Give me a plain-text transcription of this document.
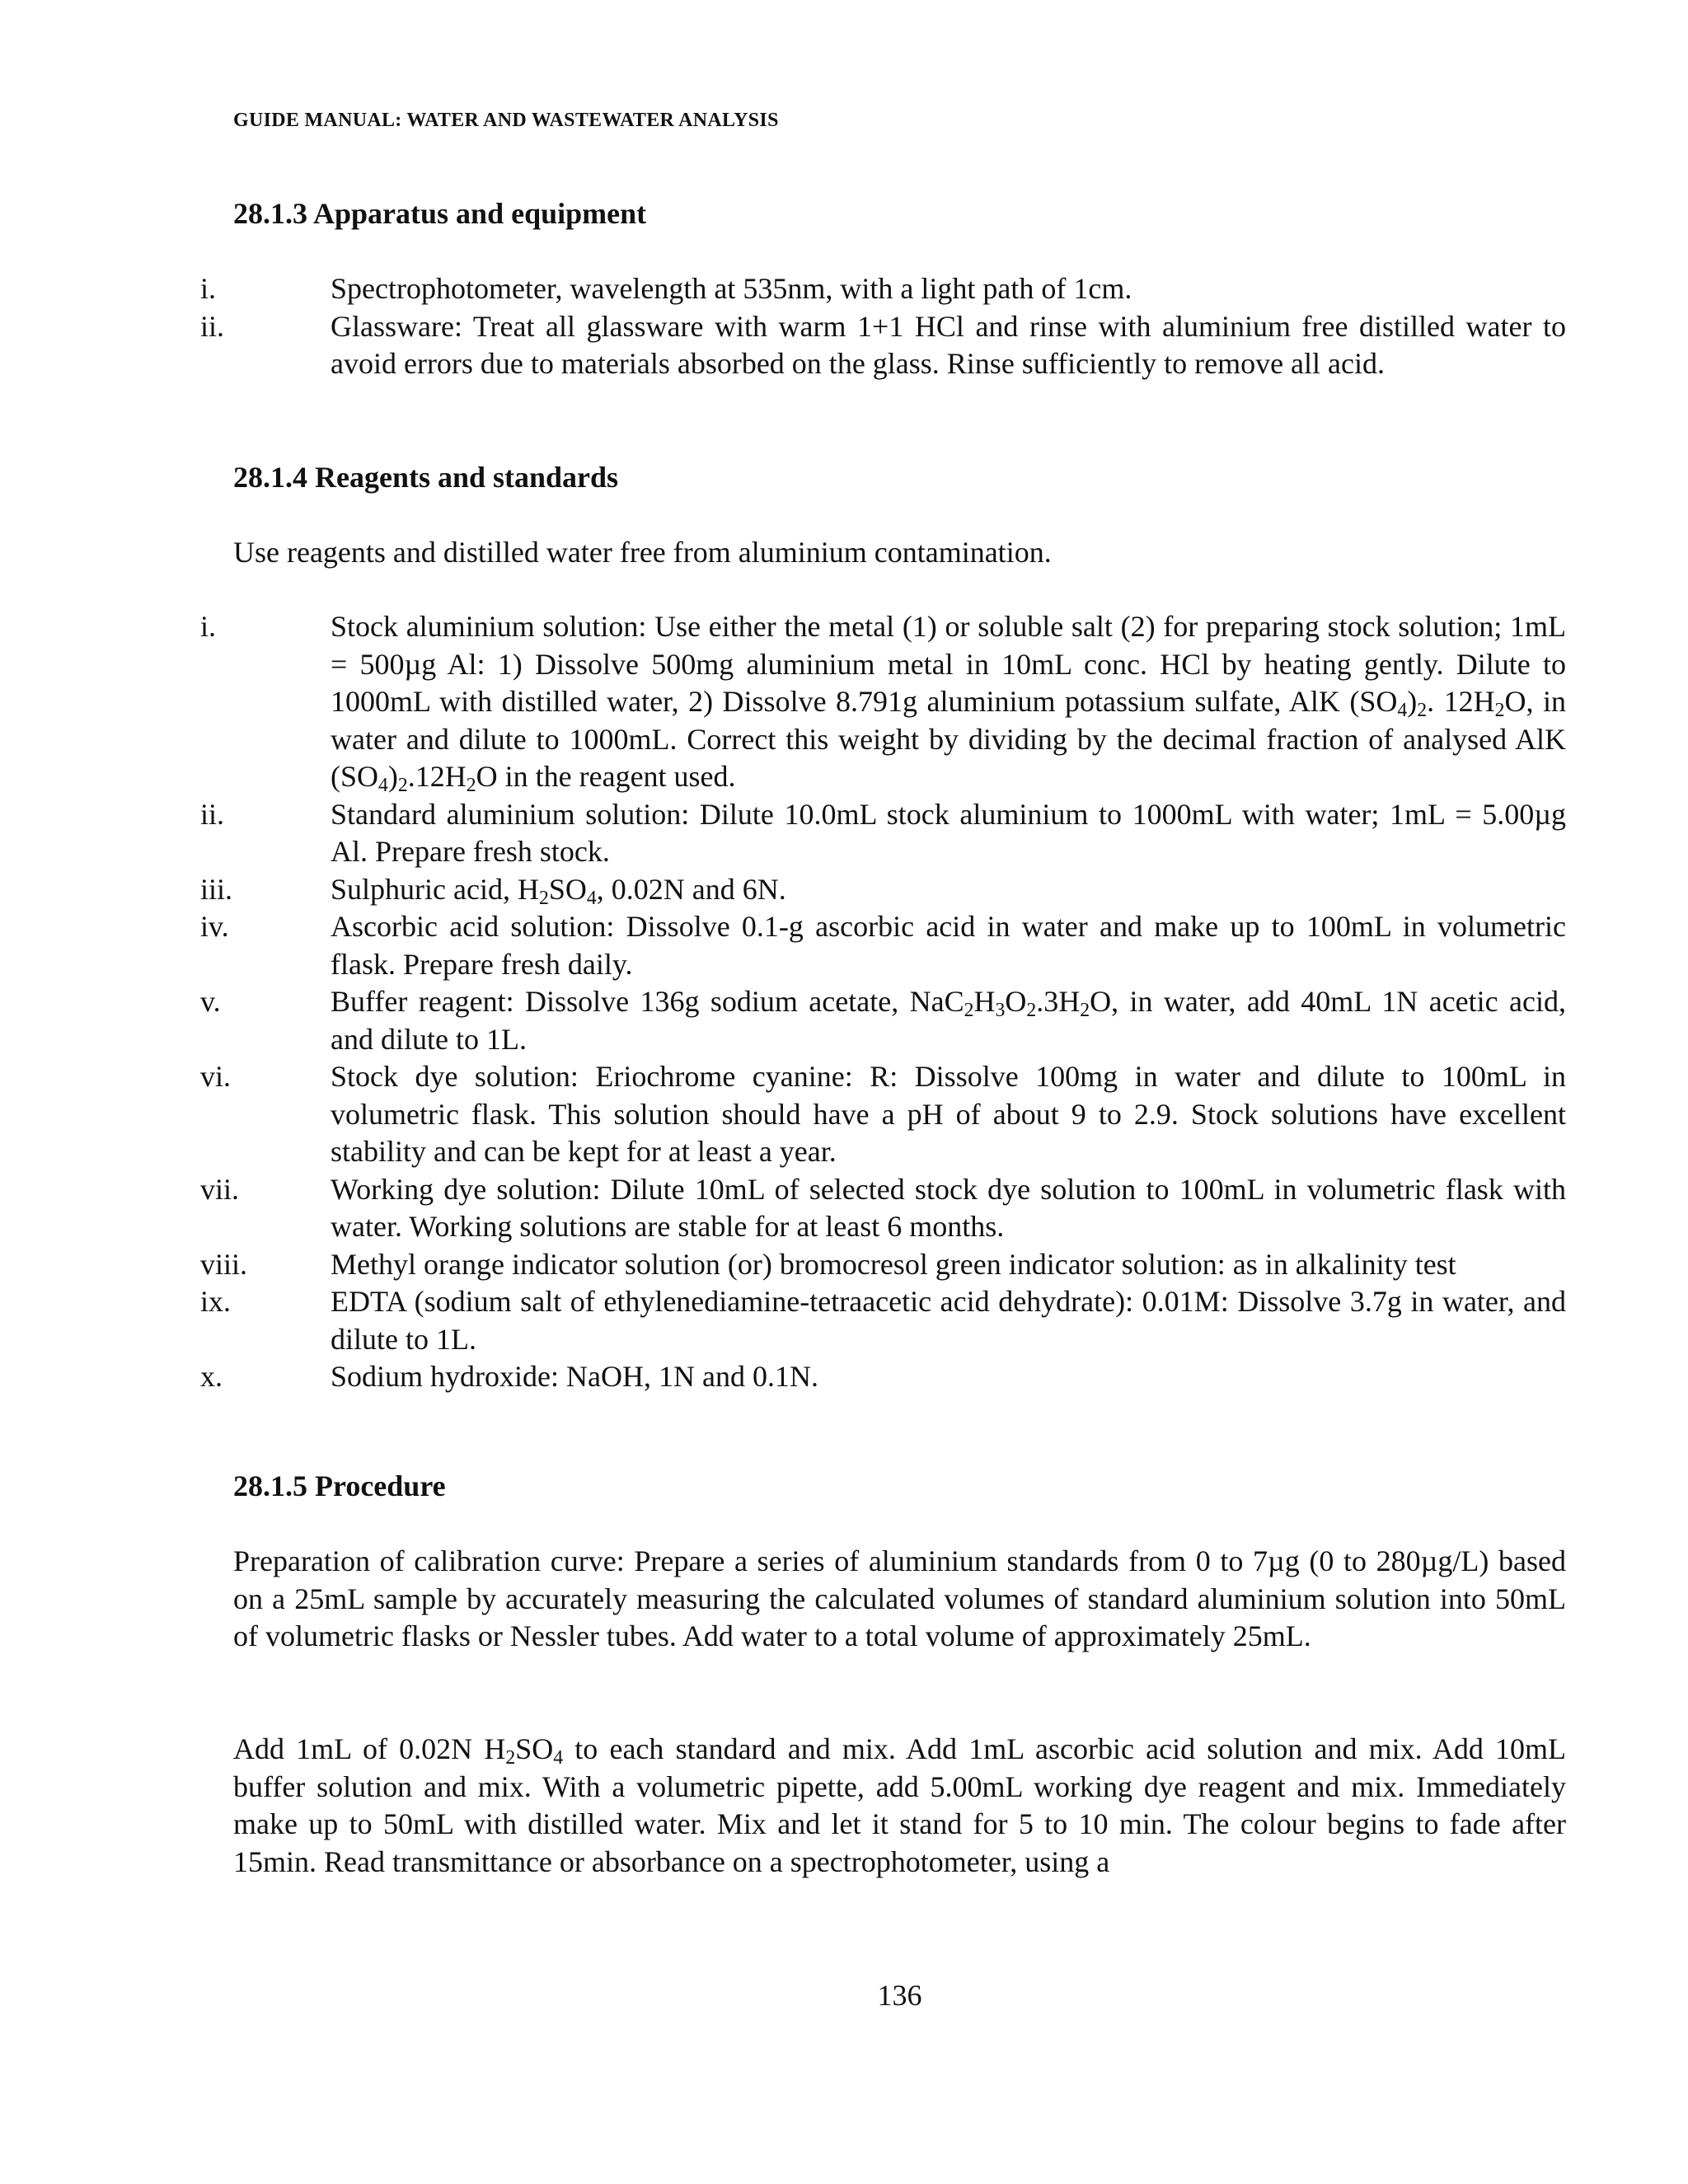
GUIDE MANUAL: WATER AND WASTEWATER ANALYSIS
28.1.3 Apparatus and equipment
i.	Spectrophotometer, wavelength at 535nm, with a light path of 1cm.
ii.	Glassware: Treat all glassware with warm 1+1 HCl and rinse with aluminium free distilled water to avoid errors due to materials absorbed on the glass. Rinse sufficiently to remove all acid.
28.1.4 Reagents and standards
Use reagents and distilled water free from aluminium contamination.
i.	Stock aluminium solution: Use either the metal (1) or soluble salt (2) for preparing stock solution; 1mL = 500µg Al: 1) Dissolve 500mg aluminium metal in 10mL conc. HCl by heating gently. Dilute to 1000mL with distilled water, 2) Dissolve 8.791g aluminium potassium sulfate, AlK $(SO_4)_2$. $12H_2O$, in water and dilute to 1000mL. Correct this weight by dividing by the decimal fraction of analysed AlK $(SO_4)_2.12H_2O$ in the reagent used.
ii.	Standard aluminium solution: Dilute 10.0mL stock aluminium to 1000mL with water; 1mL = 5.00µg Al. Prepare fresh stock.
iii.	Sulphuric acid, $H_2SO_4$, 0.02N and 6N.
iv.	Ascorbic acid solution: Dissolve 0.1-g ascorbic acid in water and make up to 100mL in volumetric flask. Prepare fresh daily.
v.	Buffer reagent: Dissolve 136g sodium acetate, $NaC_2H_3O_2.3H_2O$, in water, add 40mL 1N acetic acid, and dilute to 1L.
vi.	Stock dye solution: Eriochrome cyanine: R: Dissolve 100mg in water and dilute to 100mL in volumetric flask. This solution should have a pH of about 9 to 2.9. Stock solutions have excellent stability and can be kept for at least a year.
vii.	Working dye solution: Dilute 10mL of selected stock dye solution to 100mL in volumetric flask with water. Working solutions are stable for at least 6 months.
viii.	Methyl orange indicator solution (or) bromocresol green indicator solution: as in alkalinity test
ix.	EDTA (sodium salt of ethylenediamine-tetraacetic acid dehydrate): 0.01M: Dissolve 3.7g in water, and dilute to 1L.
x.	Sodium hydroxide: NaOH, 1N and 0.1N.
28.1.5 Procedure
Preparation of calibration curve: Prepare a series of aluminium standards from 0 to 7µg (0 to 280µg/L) based on a 25mL sample by accurately measuring the calculated volumes of standard aluminium solution into 50mL of volumetric flasks or Nessler tubes. Add water to a total volume of approximately 25mL.
Add 1mL of 0.02N $H_2SO_4$ to each standard and mix. Add 1mL ascorbic acid solution and mix. Add 10mL buffer solution and mix. With a volumetric pipette, add 5.00mL working dye reagent and mix. Immediately make up to 50mL with distilled water. Mix and let it stand for 5 to 10 min. The colour begins to fade after 15min. Read transmittance or absorbance on a spectrophotometer, using a
136
